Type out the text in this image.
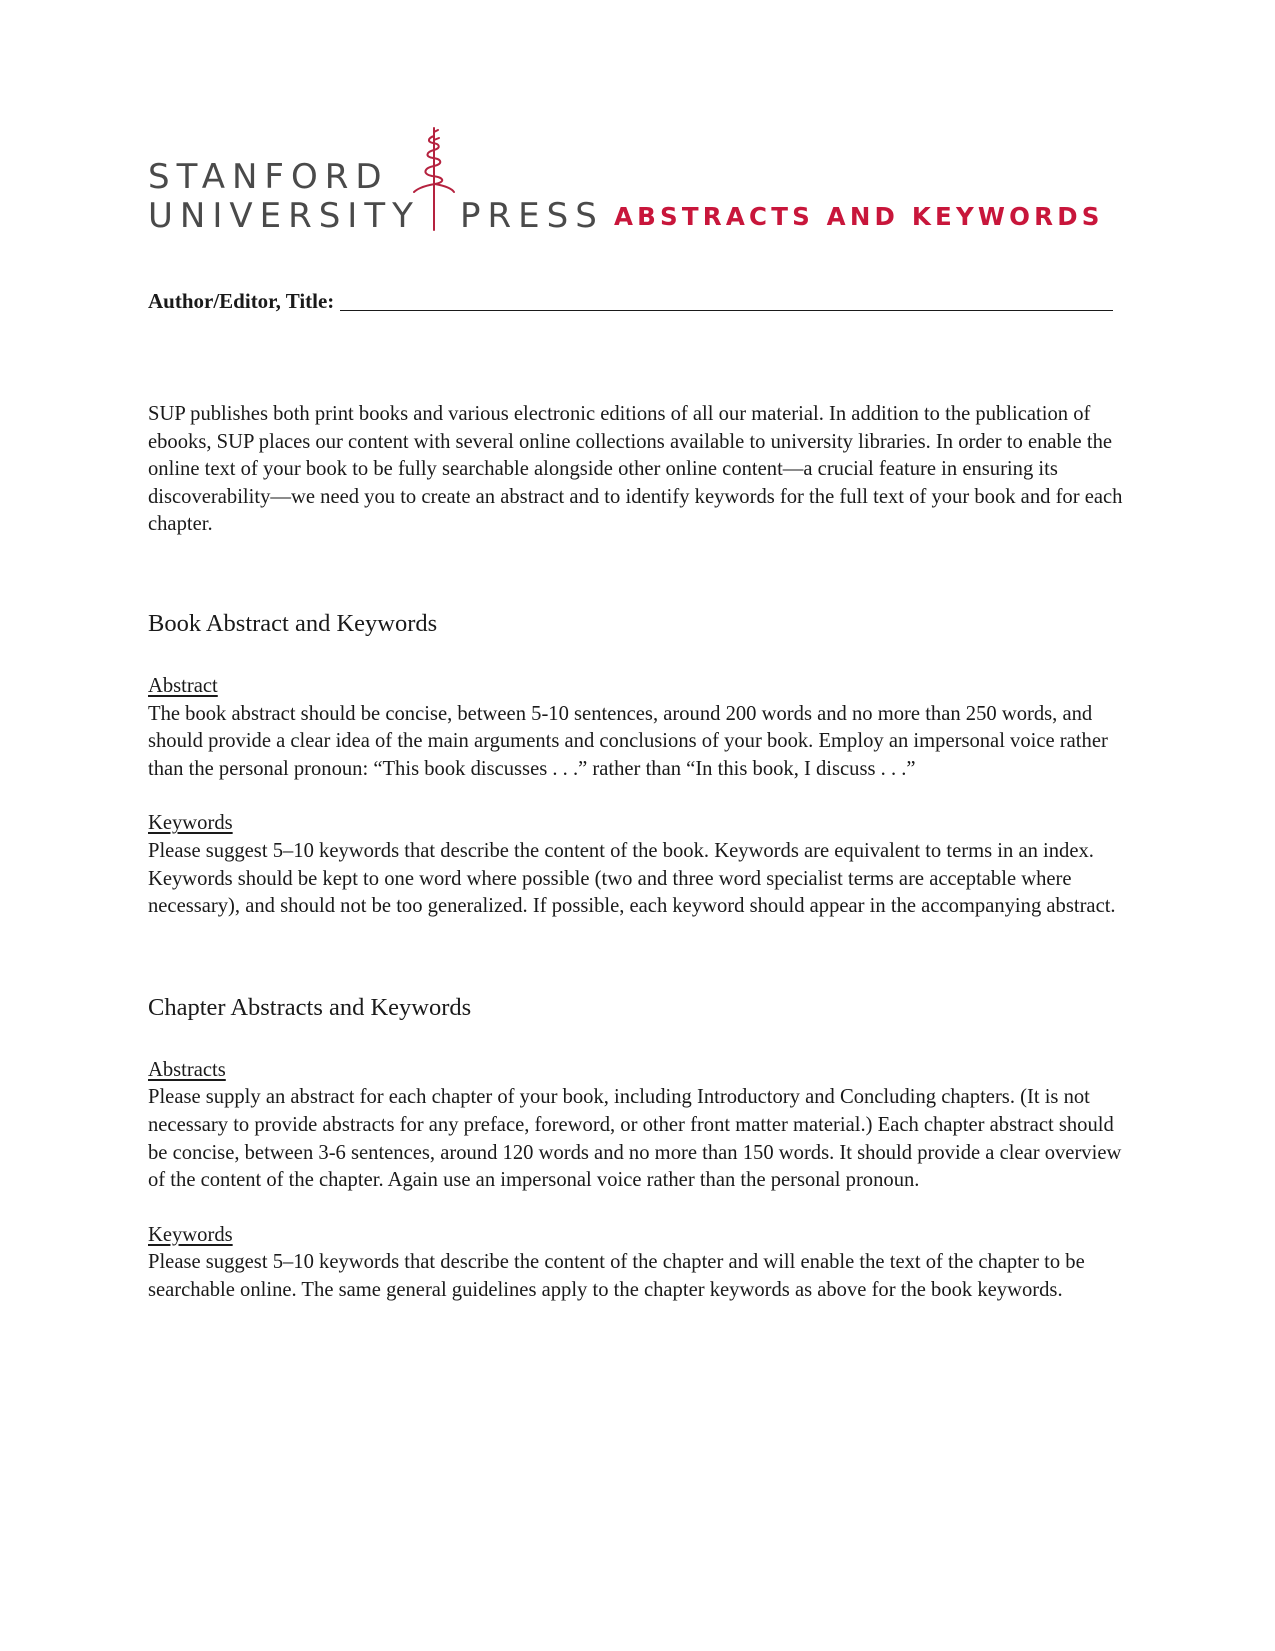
STANFORD
UNIVERSITY PRESS ABSTRACTS AND KEYWORDS
Author/Editor, Title:

SUP publishes both print books and various electronic editions of all our material. In addition to the publication of ebooks, SUP places our content with several online collections available to university libraries. In order to enable the online text of your book to be fully searchable alongside other online content—a crucial feature in ensuring its discoverability—we need you to create an abstract and to identify keywords for the full text of your book and for each chapter.

Book Abstract and Keywords
Abstract

The book abstract should be concise, between 5-10 sentences, around 200 words and no more than 250 words, and should provide a clear idea of the main arguments and conclusions of your book. Employ an impersonal voice rather than the personal pronoun: “This book discusses . . .” rather than “In this book, I discuss . . .”

Keywords

Please suggest 5–10 keywords that describe the content of the book. Keywords are equivalent to terms in an index. Keywords should be kept to one word where possible (two and three word specialist terms are acceptable where necessary), and should not be too generalized. If possible, each keyword should appear in the accompanying abstract.

Chapter Abstracts and Keywords
Abstracts

Please supply an abstract for each chapter of your book, including Introductory and Concluding chapters. (It is not necessary to provide abstracts for any preface, foreword, or other front matter material.) Each chapter abstract should be concise, between 3-6 sentences, around 120 words and no more than 150 words. It should provide a clear overview of the content of the chapter. Again use an impersonal voice rather than the personal pronoun.

Keywords

Please suggest 5–10 keywords that describe the content of the chapter and will enable the text of the chapter to be searchable online. The same general guidelines apply to the chapter keywords as above for the book keywords.
